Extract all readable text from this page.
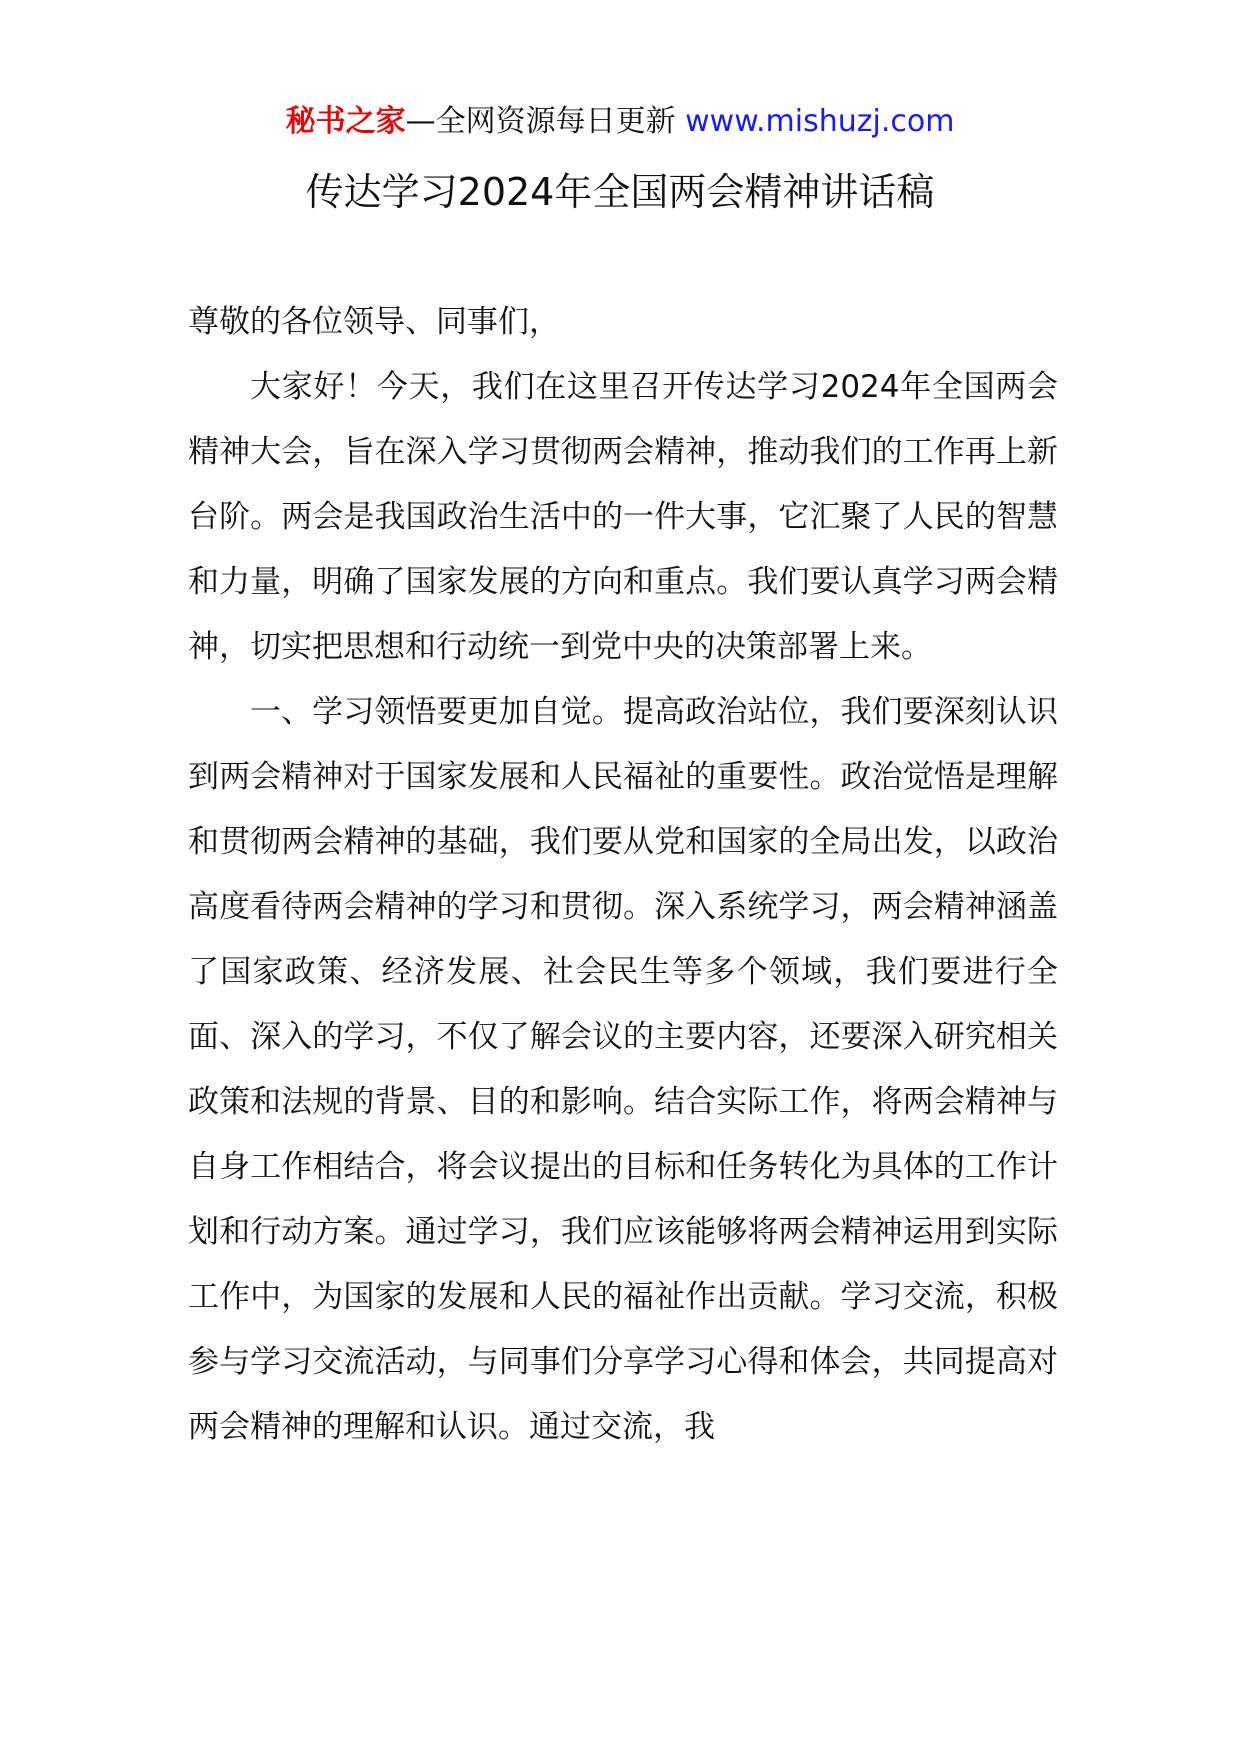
秘书之家—全网资源每日更新 www.mishuzj.com
传达学习2024年全国两会精神讲话稿

尊敬的各位领导、同事们，

大家好！今天，我们在这里召开传达学习2024年全国两会精神大会，旨在深入学习贯彻两会精神，推动我们的工作再上新台阶。两会是我国政治生活中的一件大事，它汇聚了人民的智慧和力量，明确了国家发展的方向和重点。我们要认真学习两会精神，切实把思想和行动统一到党中央的决策部署上来。

一、学习领悟要更加自觉。提高政治站位，我们要深刻认识到两会精神对于国家发展和人民福祉的重要性。政治觉悟是理解和贯彻两会精神的基础，我们要从党和国家的全局出发，以政治高度看待两会精神的学习和贯彻。深入系统学习，两会精神涵盖了国家政策、经济发展、社会民生等多个领域，我们要进行全面、深入的学习，不仅了解会议的主要内容，还要深入研究相关政策和法规的背景、目的和影响。结合实际工作，将两会精神与自身工作相结合，将会议提出的目标和任务转化为具体的工作计划和行动方案。通过学习，我们应该能够将两会精神运用到实际工作中，为国家的发展和人民的福祉作出贡献。学习交流，积极参与学习交流活动，与同事们分享学习心得和体会，共同提高对两会精神的理解和认识。通过交流，我
